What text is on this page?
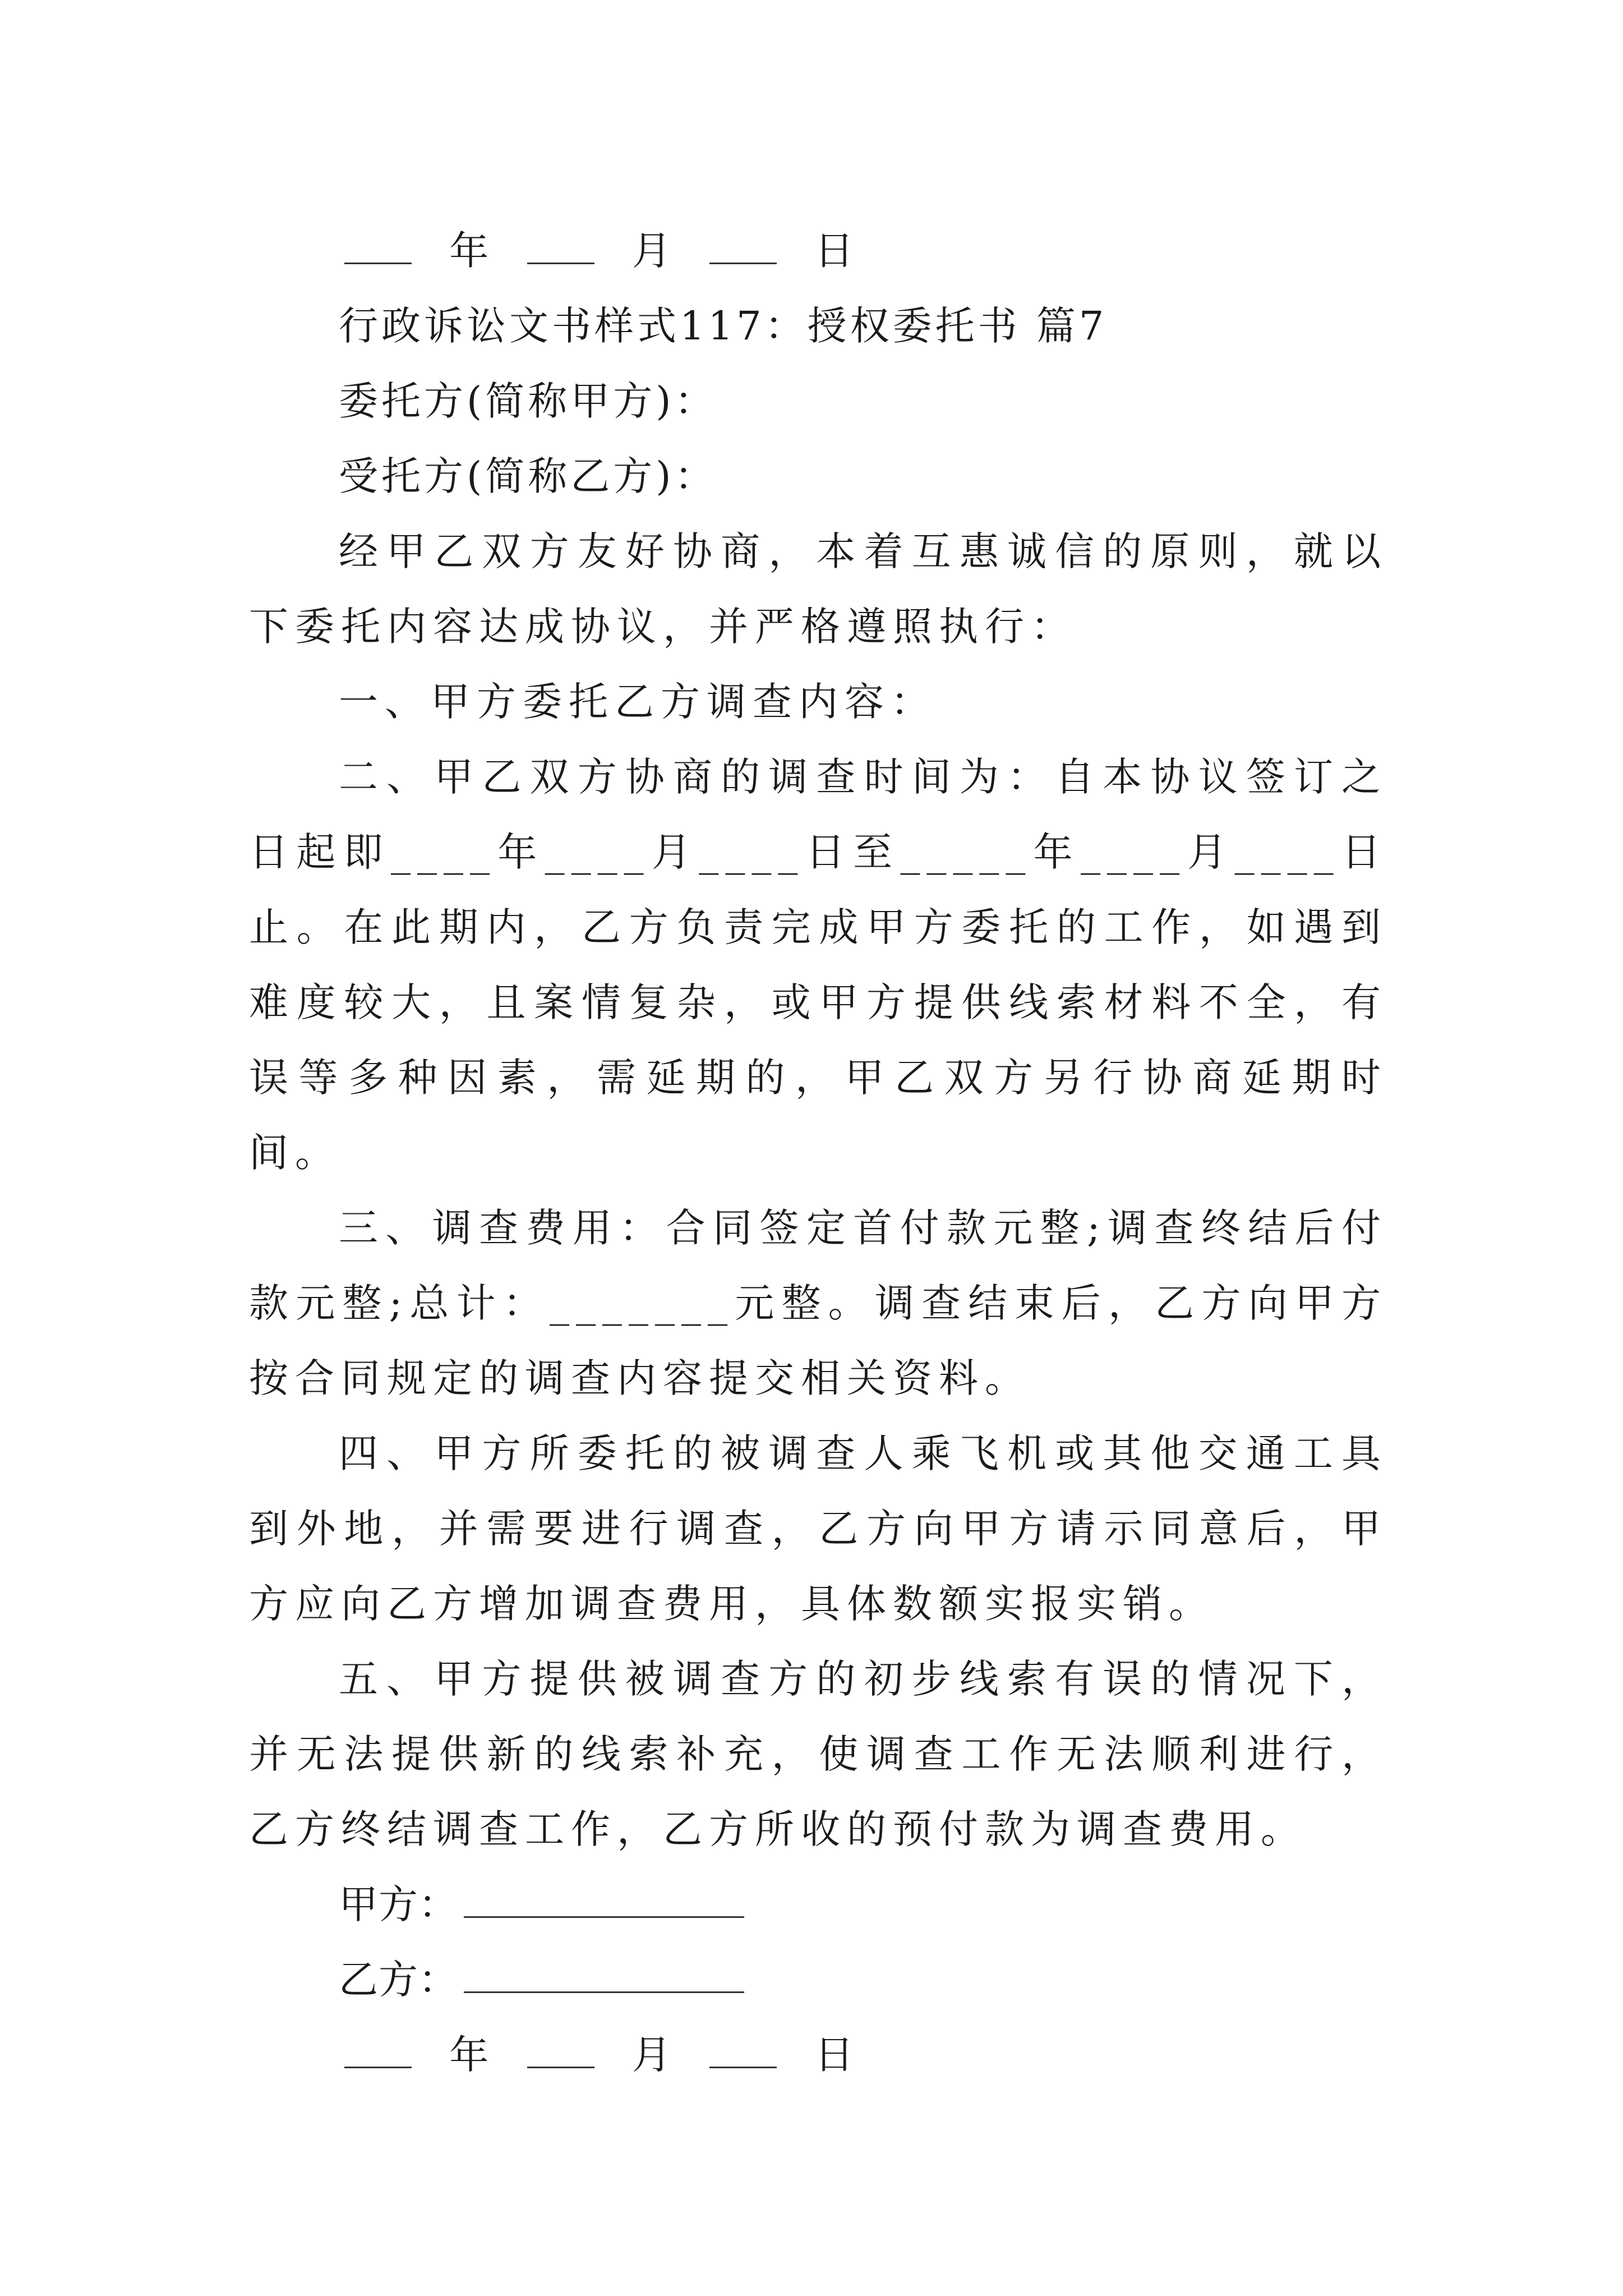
年	月	日
行政诉讼文书样式117：授权委托书 篇7
委托方(简称甲方)：
受托方(简称乙方)：

经甲乙双方友好协商，本着互惠诚信的原则，就以下委托内容达成协议，并严格遵照执行：

一、甲方委托乙方调查内容：

二、甲乙双方协商的调查时间为：自本协议签订之日起即____年____月____日至_____年____月____日止。在此期内，乙方负责完成甲方委托的工作，如遇到难度较大，且案情复杂，或甲方提供线索材料不全，有误等多种因素，需延期的，甲乙双方另行协商延期时间。

三、调查费用：合同签定首付款元整;调查终结后付款元整;总计：_______元整。调查结束后，乙方向甲方按合同规定的调查内容提交相关资料。

四、甲方所委托的被调查人乘飞机或其他交通工具到外地，并需要进行调查，乙方向甲方请示同意后，甲方应向乙方增加调查费用，具体数额实报实销。

五、甲方提供被调查方的初步线索有误的情况下，并无法提供新的线索补充，使调查工作无法顺利进行，乙方终结调查工作，乙方所收的预付款为调查费用。

甲方：
乙方：
年	月	日
